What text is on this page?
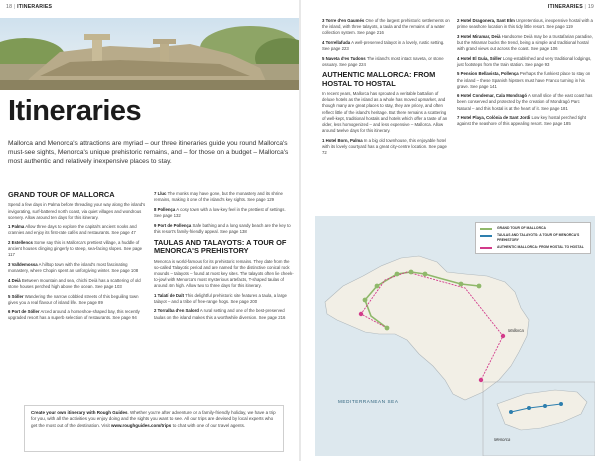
18 | ITINERARIES
Itineraries

Mallorca and Menorca's attractions are myriad – our three itineraries guide you round Mallorca's must-see sights, Menorca's unique prehistoric remains, and – for those on a budget – Mallorca's most authentic and relatively inexpensive places to stay.

GRAND TOUR OF MALLORCA

Spend a few days in Palma before threading your way along the island's invigorating, surf-battered north coast, via quiet villages and wondrous scenery. Allow around ten days for this itinerary.

1 Palma Allow three days to explore the capital's ancient nooks and crannies and enjoy its first-rate cafés and restaurants. See page 47

2 Estellencs Some say this is Mallorca's prettiest village, a huddle of ancient houses clinging gingerly to steep, sea-facing slopes. See page 117

3 Valldemossa A hilltop town with the island's most fascinating monastery, where Chopin spent an unforgiving winter. See page 108

4 Deià Between mountain and sea, chichi Deià has a scattering of old stone houses perched high above the ocean. See page 103

5 Sóller Wandering the narrow cobbled streets of this beguiling town gives you a real flavour of island life. See page 89

6 Port de Sóller Arced around a horseshoe-shaped bay, this recently upgraded resort has a superb selection of restaurants. See page 94

7 Lluc The monks may have gone, but the monastery and its shrine remains, making it one of the island's key sights. See page 129

8 Pollença A cosy town with a low-key feel in the prettiest of settings. See page 132

9 Port de Pollença Safe bathing and a long sandy beach are the key to this resort's family-friendly appeal. See page 138

TAULAS AND TALAYOTS: A TOUR OF MENORCA'S PREHISTORY

Menorca is world-famous for its prehistoric remains. They date from the so-called Talayotic period and are named for the distinctive conical rock mounds – talayots – found at most key sites. The talayots often lie cheek-to-jowl with Menorca's most mysterious artefacts, T-shaped taulas of around 4m high. Allow two to three days for this itinerary.

1 Talatí de Dalt This delightful prehistoric site features a taula, a large talayot – and a tribe of free-range hogs. See page 200

2 Torralba d'en Salord A rural setting and one of the best-preserved taulas on the island makes this a worthwhile diversion. See page 216

Create your own itinerary with Rough Guides. Whether you're after adventure or a family-friendly holiday, we have a trip for you, with all the activities you enjoy doing and the sights you want to see. All our trips are devised by local experts who get the most out of the destination. Visit www.roughguides.com/trips to chat with one of our travel agents.
ITINERARIES | 19

3 Torre d'en Gaumés One of the largest prehistoric settlements on the island, with three talayots, a taula and the remains of a water collection system. See page 216

4 Torrellafuda A well-preserved talayot in a lovely, rustic setting. See page 223

5 Naveta d'es Tudons The island's most intact naveta, or stone ossuary. See page 224

AUTHENTIC MALLORCA: FROM HOSTAL TO HOSTAL

In recent years, Mallorca has sprouted a veritable battalion of deluxe hotels as the island as a whole has moved upmarket, and though many are great places to stay, they are pricey, and often reflect little of the island's heritage. But there remains a scattering of well-kept, traditional hostals and hotels which offer a taste of an older, less homogenized – and less expensive – Mallorca. Allow around twelve days for this itinerary.

1 Hotel Born, Palma In a big old townhouse, this enjoyable hotel with its lovely courtyard has a great city-centre location. See page 72

2 Hotel Dragonera, Sant Elm Unpretentious, inexpensive hostal with a prime seashore location in this tidy little resort. See page 119

3 Hotel Miramar, Deià Handsome Deià may be a trustafarian paradise, but the Miramar bucks the trend, being a simple and traditional hostal with grand views out across the coast. See page 106

4 Hotel El Guía, Sóller Long-established and very traditional lodgings, just footsteps from the train station. See page 93

5 Pension Bellavista, Pollença Perhaps the funkiest place to stay on the island – these Spanish hipsters must have Franco turning in his grave. See page 141

6 Hotel Condemar, Cala Mondragó A small slice of the east coast has been conserved and protected by the creation of Mondragó Parc Natural – and this hostal is at the heart of it. See page 181

7 Hotel Playa, Colònia de Sant Jordi Low key hostal perched tight against the seashore of this appealing resort. See page 185

GRAND TOUR OF MALLORCA
TAULAS AND TALAYOTS: A TOUR OF MENORCA'S PREHISTORY
AUTHENTIC MALLORCA: FROM HOSTAL TO HOSTAL
MEDITERRANEAN SEA
Mallorca
Menorca
